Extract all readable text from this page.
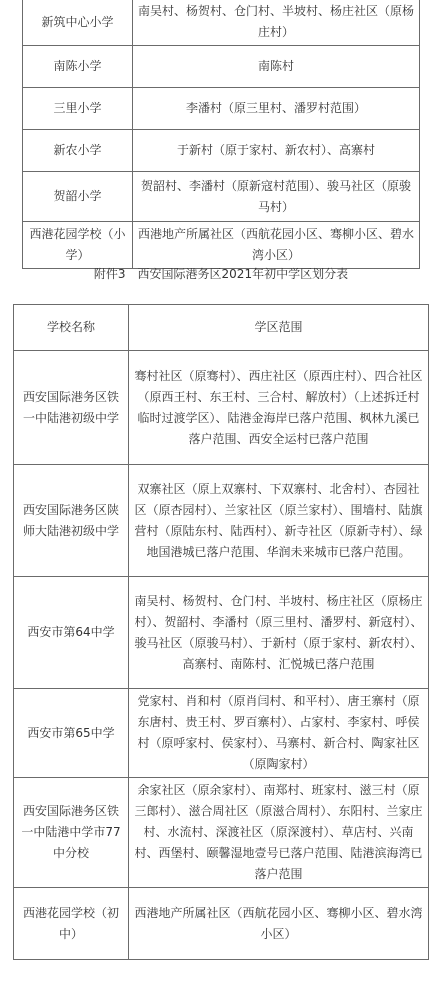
新筑中心小学	南吴村、杨贺村、仓门村、半坡村、杨庄社区（原杨庄村）
南陈小学	南陈村
三里小学	李潘村（原三里村、潘罗村范围）
新农小学	于新村（原于家村、新农村）、高寨村
贺韶小学	贺韶村、李潘村（原新寇村范围）、骏马社区（原骏马村）
西港花园学校（小学）	西港地产所属社区（西航花园小区、骞柳小区、碧水湾小区）
附件3　西安国际港务区2021年初中学区划分表
学校名称	学区范围
西安国际港务区铁一中陆港初级中学	骞村社区（原骞村）、西庄社区（原西庄村）、四合社区（原西王村、东王村、三合村、解放村）（上述拆迁村临时过渡学区）、陆港金海岸已落户范围、枫林九溪已落户范围、西安全运村已落户范围
西安国际港务区陕师大陆港初级中学	双寨社区（原上双寨村、下双寨村、北舍村）、杏园社区（原杏园村）、兰家社区（原兰家村）、围墙村、陆旗营村（原陆东村、陆西村）、新寺社区（原新寺村）、绿地国港城已落户范围、华润未来城市已落户范围。
西安市第64中学	南吴村、杨贺村、仓门村、半坡村、杨庄社区（原杨庄村）、贺韶村、李潘村（原三里村、潘罗村、新寇村）、骏马社区（原骏马村）、于新村（原于家村、新农村）、高寨村、南陈村、汇悦城已落户范围
西安市第65中学	党家村、肖和村（原肖闫村、和平村）、唐王寨村（原东唐村、贵王村、罗百寨村）、占家村、李家村、呼侯村（原呼家村、侯家村）、马寨村、新合村、陶家社区（原陶家村）
西安国际港务区铁一中陆港中学市77中分校	余家社区（原余家村）、南郑村、班家村、滋三村（原三郎村）、滋合周社区（原滋合周村）、东阳村、兰家庄村、水流村、深渡社区（原深渡村）、草店村、兴南村、西堡村、颐馨湿地壹号已落户范围、陆港滨海湾已落户范围
西港花园学校（初中）	西港地产所属社区（西航花园小区、骞柳小区、碧水湾小区）
